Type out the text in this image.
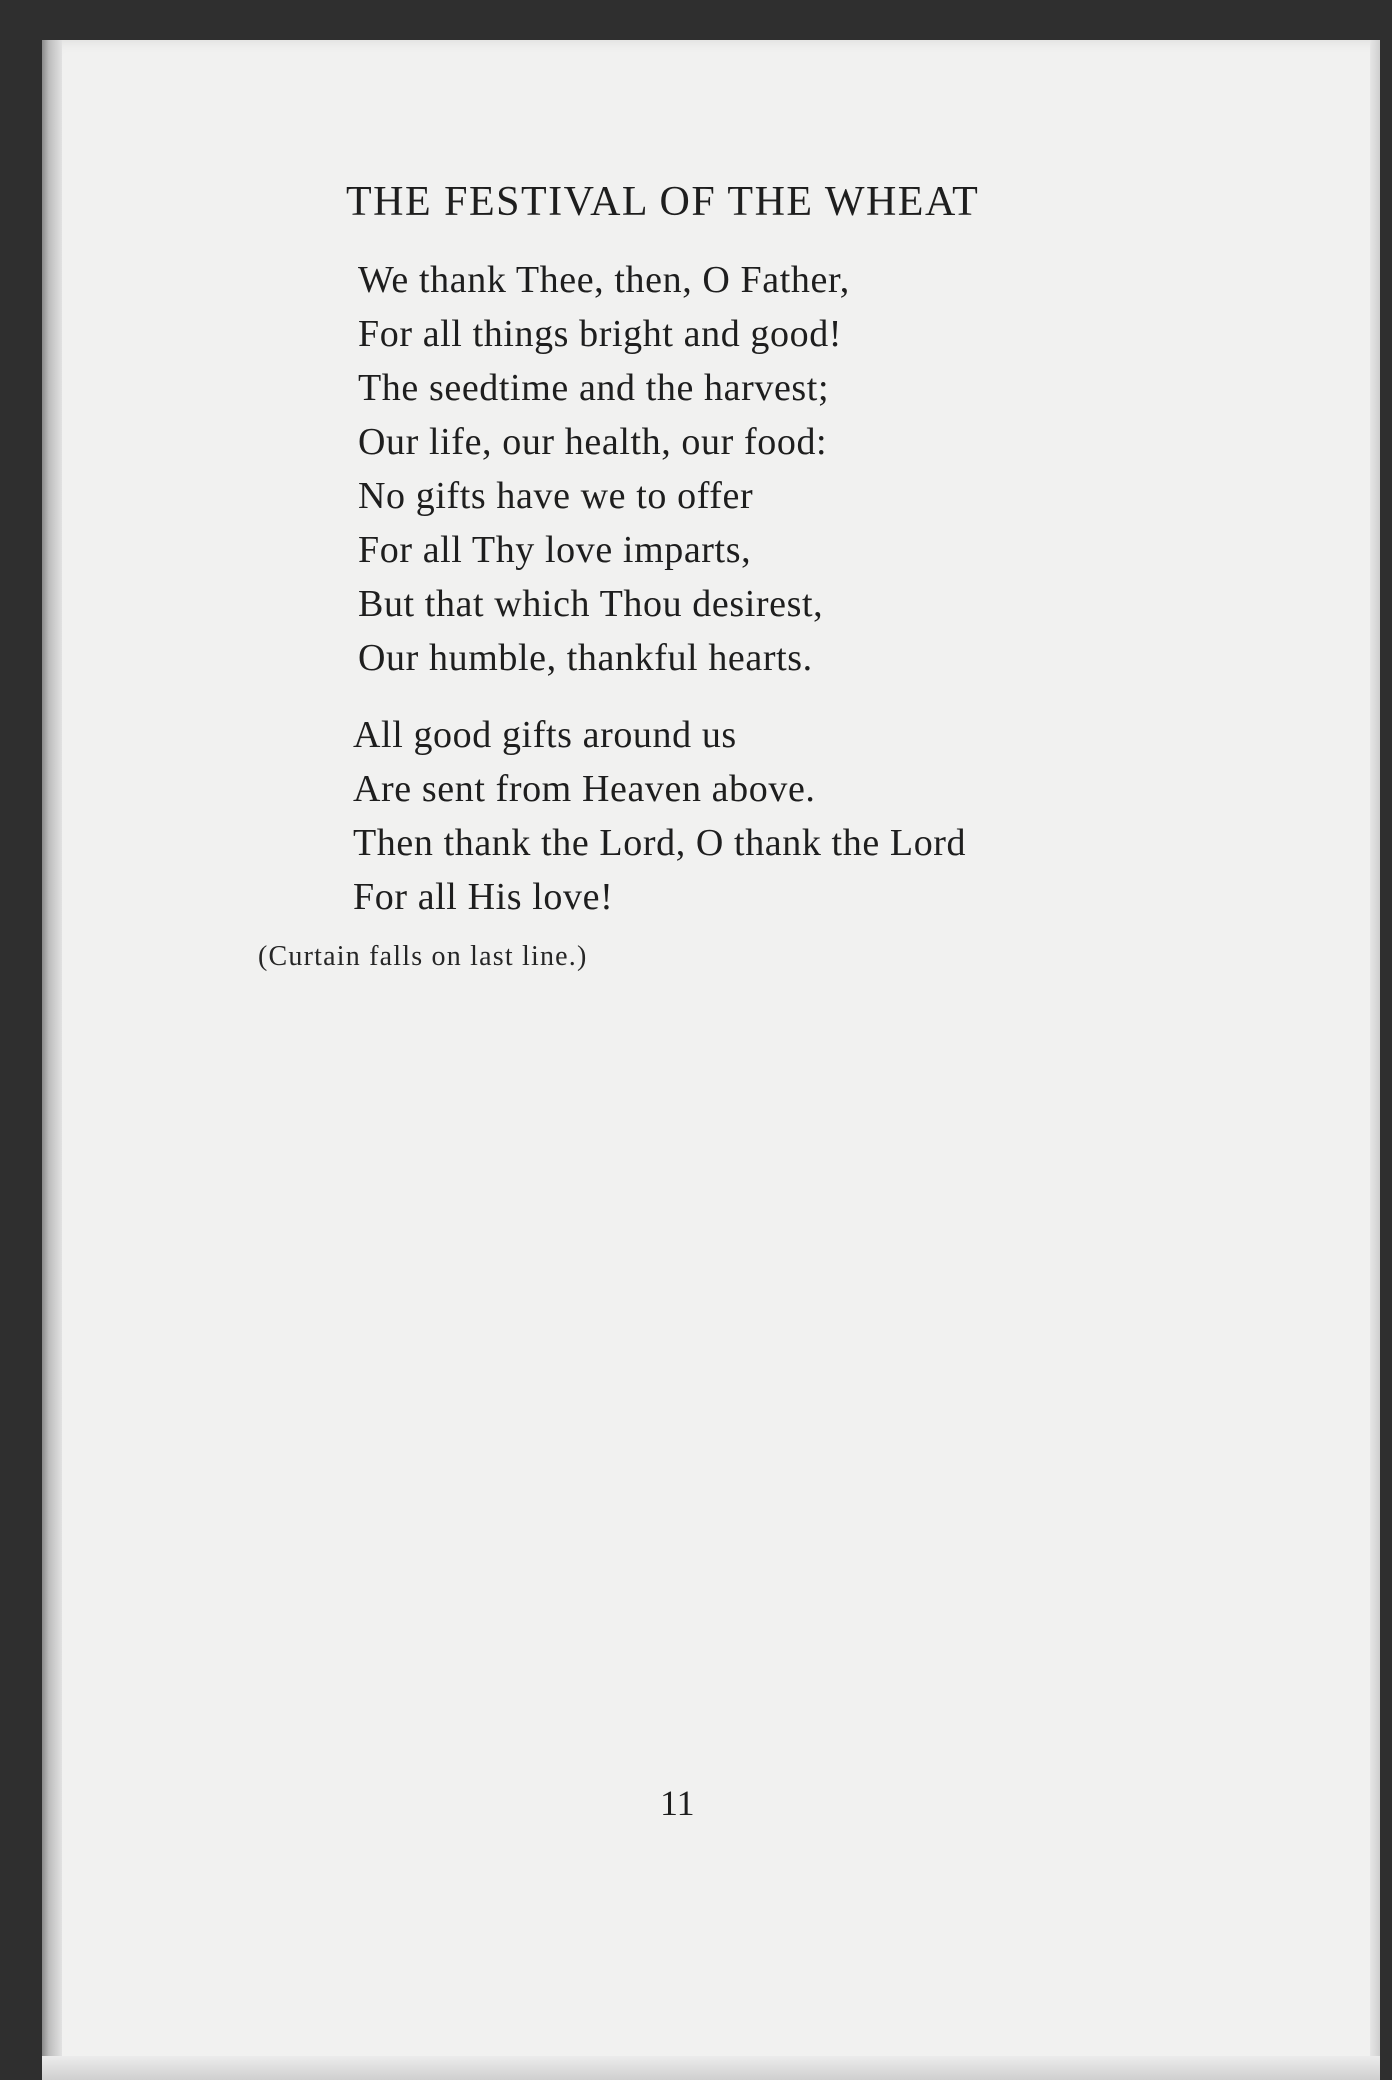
THE FESTIVAL OF THE WHEAT
We thank Thee, then, O Father,
For all things bright and good!
The seedtime and the harvest;
Our life, our health, our food:
No gifts have we to offer
For all Thy love imparts,
But that which Thou desirest,
Our humble, thankful hearts.
All good gifts around us
Are sent from Heaven above.
Then thank the Lord, O thank the Lord
For all His love!

(Curtain falls on last line.)

11
